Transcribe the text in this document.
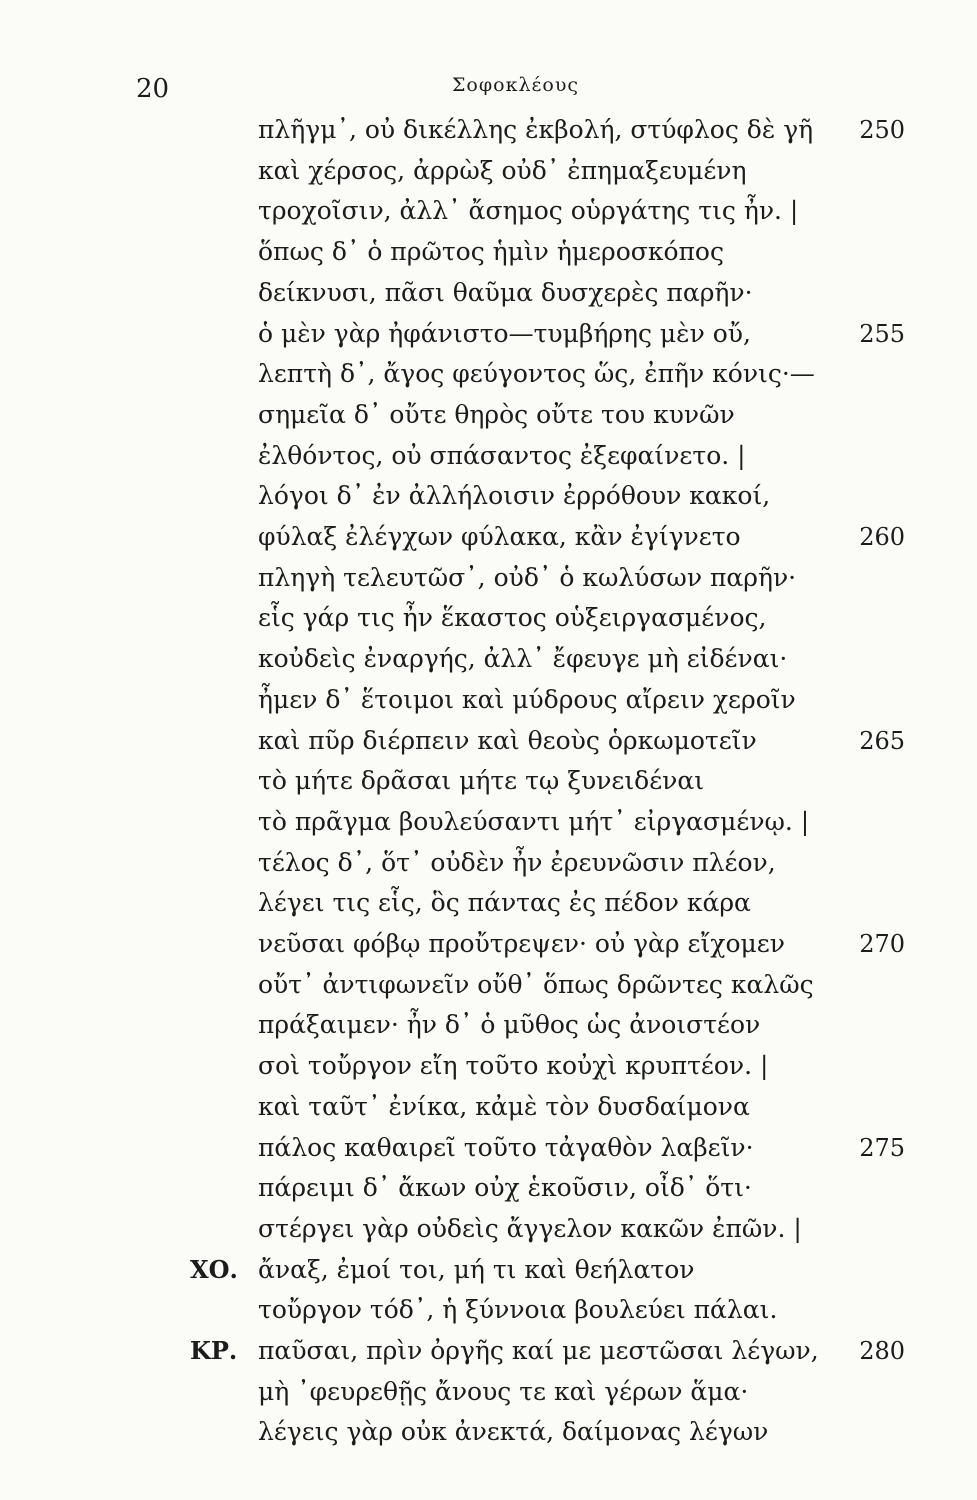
20	Σοφοκλέους
ΧΟ.
ΚΡ.
250
255
260
265
270
275
280
πλῆγμ᾽, οὐ δικέλλης ἐκβολή, στύφλος δὲ γῆ
καὶ χέρσος, ἀρρὼξ οὐδ᾽ ἐπημαξευμένη
τροχοῖσιν, ἀλλ᾽ ἄσημος οὑργάτης τις ἦν. |
ὅπως δ᾽ ὁ πρῶτος ἡμὶν ἡμεροσκόπος
δείκνυσι, πᾶσι θαῦμα δυσχερὲς παρῆν·
ὁ μὲν γὰρ ἠφάνιστο—τυμβήρης μὲν οὔ,
λεπτὴ δ᾽, ἄγος φεύγοντος ὥς, ἐπῆν κόνις·—
σημεῖα δ᾽ οὔτε θηρὸς οὔτε του κυνῶν
ἐλθόντος, οὐ σπάσαντος ἐξεφαίνετο. |
λόγοι δ᾽ ἐν ἀλλήλοισιν ἐρρόθουν κακοί,
φύλαξ ἐλέγχων φύλακα, κἂν ἐγίγνετο
πληγὴ τελευτῶσ᾽, οὐδ᾽ ὁ κωλύσων παρῆν·
εἷς γάρ τις ἦν ἕκαστος οὑξειργασμένος,
κοὐδεὶς ἐναργής, ἀλλ᾽ ἔφευγε μὴ εἰδέναι·
ἦμεν δ᾽ ἕτοιμοι καὶ μύδρους αἴρειν χεροῖν
καὶ πῦρ διέρπειν καὶ θεοὺς ὁρκωμοτεῖν
τὸ μήτε δρᾶσαι μήτε τῳ ξυνειδέναι
τὸ πρᾶγμα βουλεύσαντι μήτ᾽ εἰργασμένῳ. |
τέλος δ᾽, ὅτ᾽ οὐδὲν ἦν ἐρευνῶσιν πλέον,
λέγει τις εἷς, ὃς πάντας ἐς πέδον κάρα
νεῦσαι φόβῳ προὔτρεψεν· οὐ γὰρ εἴχομεν
οὔτ᾽ ἀντιφωνεῖν οὔθ᾽ ὅπως δρῶντες καλῶς
πράξαιμεν· ἦν δ᾽ ὁ μῦθος ὡς ἀνοιστέον
σοὶ τοὔργον εἴη τοῦτο κοὐχὶ κρυπτέον. |
καὶ ταῦτ᾽ ἐνίκα, κἀμὲ τὸν δυσδαίμονα
πάλος καθαιρεῖ τοῦτο τἀγαθὸν λαβεῖν·
πάρειμι δ᾽ ἄκων οὐχ ἑκοῦσιν, οἶδ᾽ ὅτι·
στέργει γὰρ οὐδεὶς ἄγγελον κακῶν ἐπῶν. |
ἄναξ, ἐμοί τοι, μή τι καὶ θεήλατον
τοὔργον τόδ᾽, ἡ ξύννοια βουλεύει πάλαι.
παῦσαι, πρὶν ὀργῆς καί με μεστῶσαι λέγων,
μὴ ᾽φευρεθῇς ἄνους τε καὶ γέρων ἅμα·
λέγεις γὰρ οὐκ ἀνεκτά, δαίμονας λέγων
